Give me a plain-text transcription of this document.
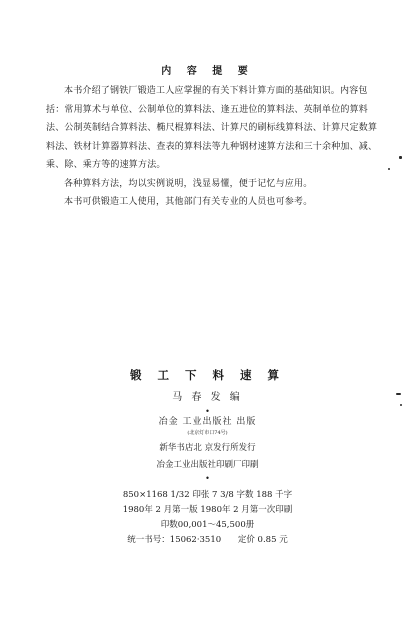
内 容 提 要

本书介绍了钢铁厂锻造工人应掌握的有关下料计算方面的基础知识。内容包括：常用算术与单位、公制单位的算料法、逢五进位的算料法、英制单位的算料法、公制英制结合算料法、椭尺棍算料法、计算尺的刷标线算料法、计算尺定数算料法、铁材计算器算料法、查表的算料法等九种钢材速算方法和三十余种加、减、乘、除、乘方等的速算方法。

各种算料方法，均以实例说明，浅显易懂，便于记忆与应用。

本书可供锻造工人使用，其他部门有关专业的人员也可参考。

锻 工 下 料 速 算
马 春 发 编
•
冶金 工业出版社 出版
(北京灯市口74号)
新华书店北 京发行所发行
冶金工业出版社印刷厂印刷
•
850×1168 1/32 印张 7 3/8 字数 188 千字
1980年 2 月第一版 1980年 2 月第一次印刷
印数00,001～45,500册
统一书号：15062·3510 定价 0.85 元
